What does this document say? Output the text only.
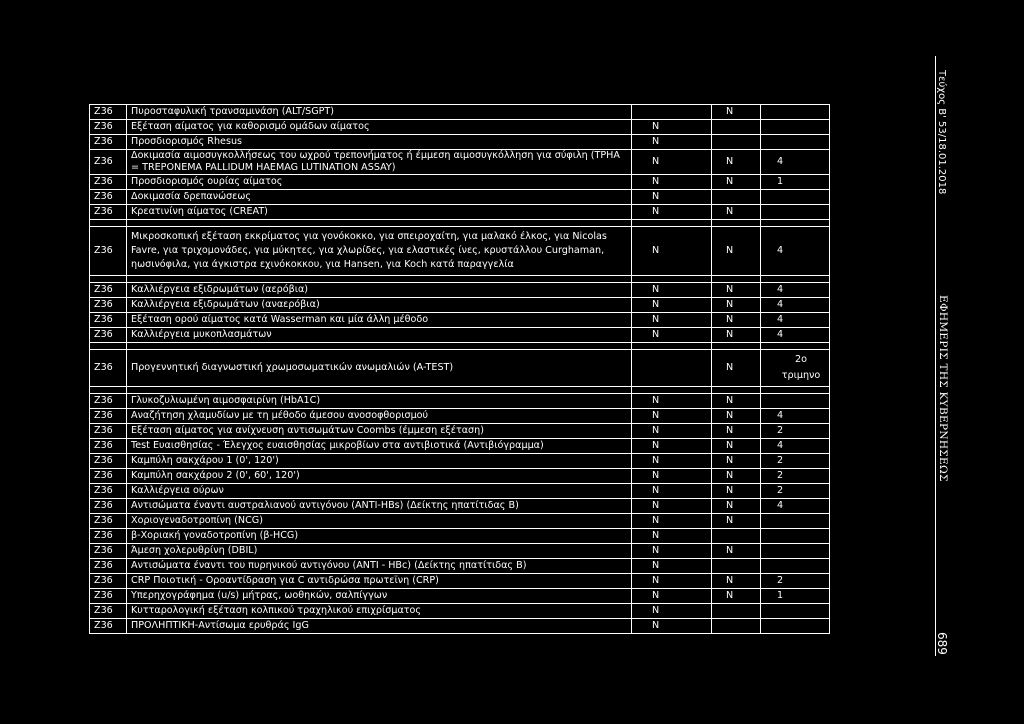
Ζ36	Πυροσταφυλική τρανσαμινάση (ALT/SGPT)		N	
Ζ36	Εξέταση αίματος για καθορισμό ομάδων αίματος	N		
Ζ36	Προσδιορισμός Rhesus	N		
Ζ36	Δοκιμασία αιμοσυγκολλήσεως του ωχρού τρεπονήματος ή έμμεση αιμοσυγκόλληση για σύφιλη (TPHA = TREPONEMA PALLIDUM HAEMAG LUTINATION ASSAY)	N	N	4
Ζ36	Προσδιορισμός ουρίας αίματος	N	N	1
Ζ36	Δοκιμασία δρεπανώσεως	N		
Ζ36	Κρεατινίνη αίματος (CREAT)	N	N	

Ζ36	Μικροσκοπική εξέταση εκκρίματος για γονόκοκκο, για σπειροχαίτη, για μαλακό έλκος, για Nicolas Favre, για τριχομονάδες, για μύκητες, για χλωρίδες, για ελαστικές ίνες, κρυστάλλου Curghaman, ηωσινόφιλα, για άγκιστρα εχινόκοκκου, για Hansen, για Koch κατά παραγγελία	N	N	4

Ζ36	Καλλιέργεια εξιδρωμάτων (αερόβια)	N	N	4
Ζ36	Καλλιέργεια εξιδρωμάτων (αναερόβια)	N	N	4
Ζ36	Εξέταση ορού αίματος κατά Wasserman και μία άλλη μέθοδο	N	N	4
Ζ36	Καλλιέργεια μυκοπλασμάτων	N	N	4

Ζ36	Προγεννητική διαγνωστική χρωμοσωματικών ανωμαλιών (A-TEST)		N	2ο τριμηνο

Ζ36	Γλυκοζυλιωμένη αιμοσφαιρίνη (HbA1C)	N	N	
Ζ36	Αναζήτηση χλαμυδίων με τη μέθοδο άμεσου ανοσοφθορισμού	N	N	4
Ζ36	Εξέταση αίματος για ανίχνευση αντισωμάτων Coombs (έμμεση εξέταση)	N	N	2
Ζ36	Test Ευαισθησίας - Έλεγχος ευαισθησίας μικροβίων στα αντιβιοτικά (Αντιβιόγραμμα)	N	N	4
Ζ36	Καμπύλη σακχάρου 1 (0', 120')	N	N	2
Ζ36	Καμπύλη σακχάρου 2 (0', 60', 120')	N	N	2
Ζ36	Καλλιέργεια ούρων	N	N	2
Ζ36	Αντισώματα έναντι αυστραλιανού αντιγόνου (ANTI-HBs) (Δείκτης ηπατίτιδας Β)	N	N	4
Ζ36	Χοριογεναδοτροπίνη (NCG)	N	N	
Ζ36	β-Χοριακή γοναδοτροπίνη (β-HCG)	N		
Ζ36	Άμεση χολερυθρίνη (DBIL)	N	N	
Ζ36	Αντισώματα έναντι του πυρηνικού αντιγόνου (ANTI - HBc) (Δείκτης ηπατίτιδας Β)	N		
Ζ36	CRP Ποιοτική - Οροαντίδραση για C αντιδρώσα πρωτεϊνη (CRP)	N	N	2
Ζ36	Υπερηχογράφημα (u/s) μήτρας, ωοθηκών, σαλπίγγων	N	N	1
Ζ36	Κυτταρολογική εξέταση κολπικού τραχηλικού επιχρίσματος	N		
Ζ36	ΠΡΟΛΗΠΤΙΚΗ-Αντίσωμα ερυθράς IgG	N		
Τεύχος Β' 53/18.01.2018
ΕΦΗΜΕΡΙΣ ΤΗΣ ΚΥΒΕΡΝΗΣΕΩΣ
689
